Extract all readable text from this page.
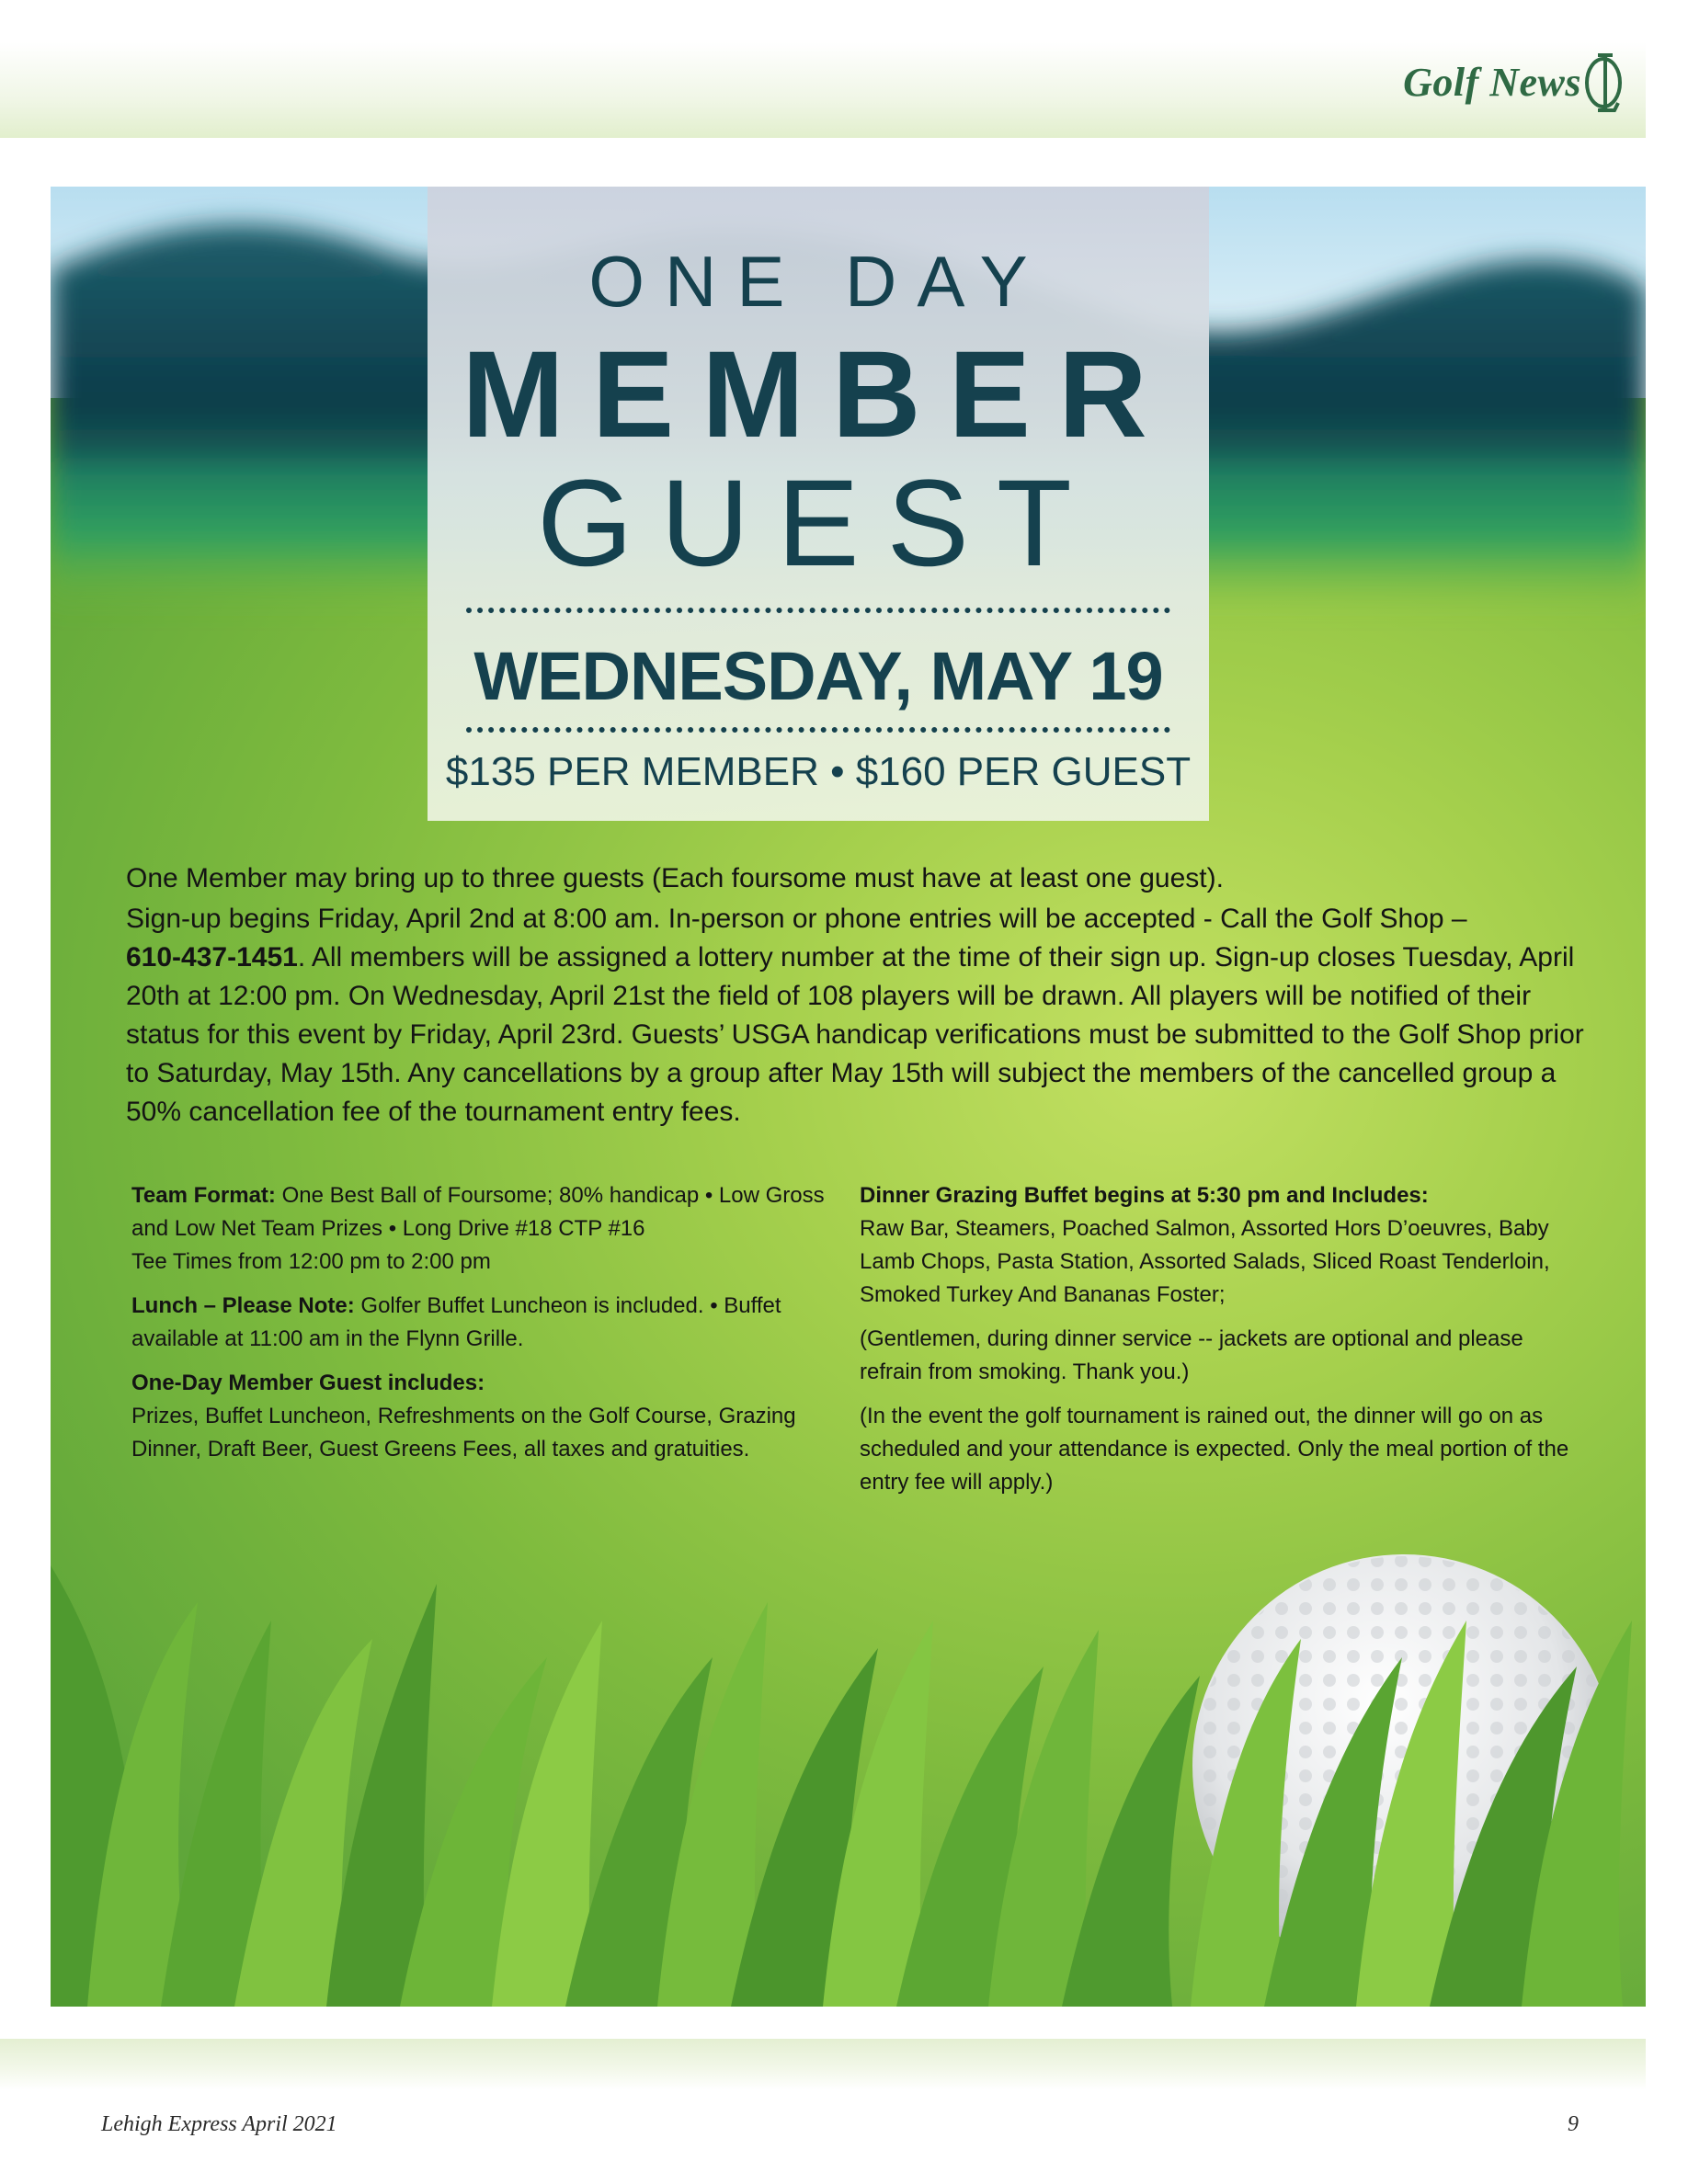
Golf News
ONE DAY
MEMBER
GUEST
WEDNESDAY, MAY 19
$135 PER MEMBER • $160 PER GUEST

One Member may bring up to three guests (Each foursome must have at least one guest).

Sign-up begins Friday, April 2nd at 8:00 am. In-person or phone entries will be accepted - Call the Golf Shop –
610-437-1451. All members will be assigned a lottery number at the time of their sign up. Sign-up closes Tuesday, April 20th at 12:00 pm. On Wednesday, April 21st the field of 108 players will be drawn. All players will be notified of their status for this event by Friday, April 23rd. Guests’ USGA handicap verifications must be submitted to the Golf Shop prior to Saturday, May 15th. Any cancellations by a group after May 15th will subject the members of the cancelled group a 50% cancellation fee of the tournament entry fees.

Team Format: One Best Ball of Foursome; 80% handicap • Low Gross and Low Net Team Prizes • Long Drive #18 CTP #16
Tee Times from 12:00 pm to 2:00 pm

Lunch – Please Note: Golfer Buffet Luncheon is included. • Buffet available at 11:00 am in the Flynn Grille.

One-Day Member Guest includes:
Prizes, Buffet Luncheon, Refreshments on the Golf Course, Grazing Dinner, Draft Beer, Guest Greens Fees, all taxes and gratuities.

Dinner Grazing Buffet begins at 5:30 pm and Includes:
Raw Bar, Steamers, Poached Salmon, Assorted Hors D’oeuvres, Baby Lamb Chops, Pasta Station, Assorted Salads, Sliced Roast Tenderloin, Smoked Turkey And Bananas Foster;

(Gentlemen, during dinner service -- jackets are optional and please refrain from smoking. Thank you.)

(In the event the golf tournament is rained out, the dinner will go on as scheduled and your attendance is expected. Only the meal portion of the entry fee will apply.)

Lehigh Express April 2021	9
